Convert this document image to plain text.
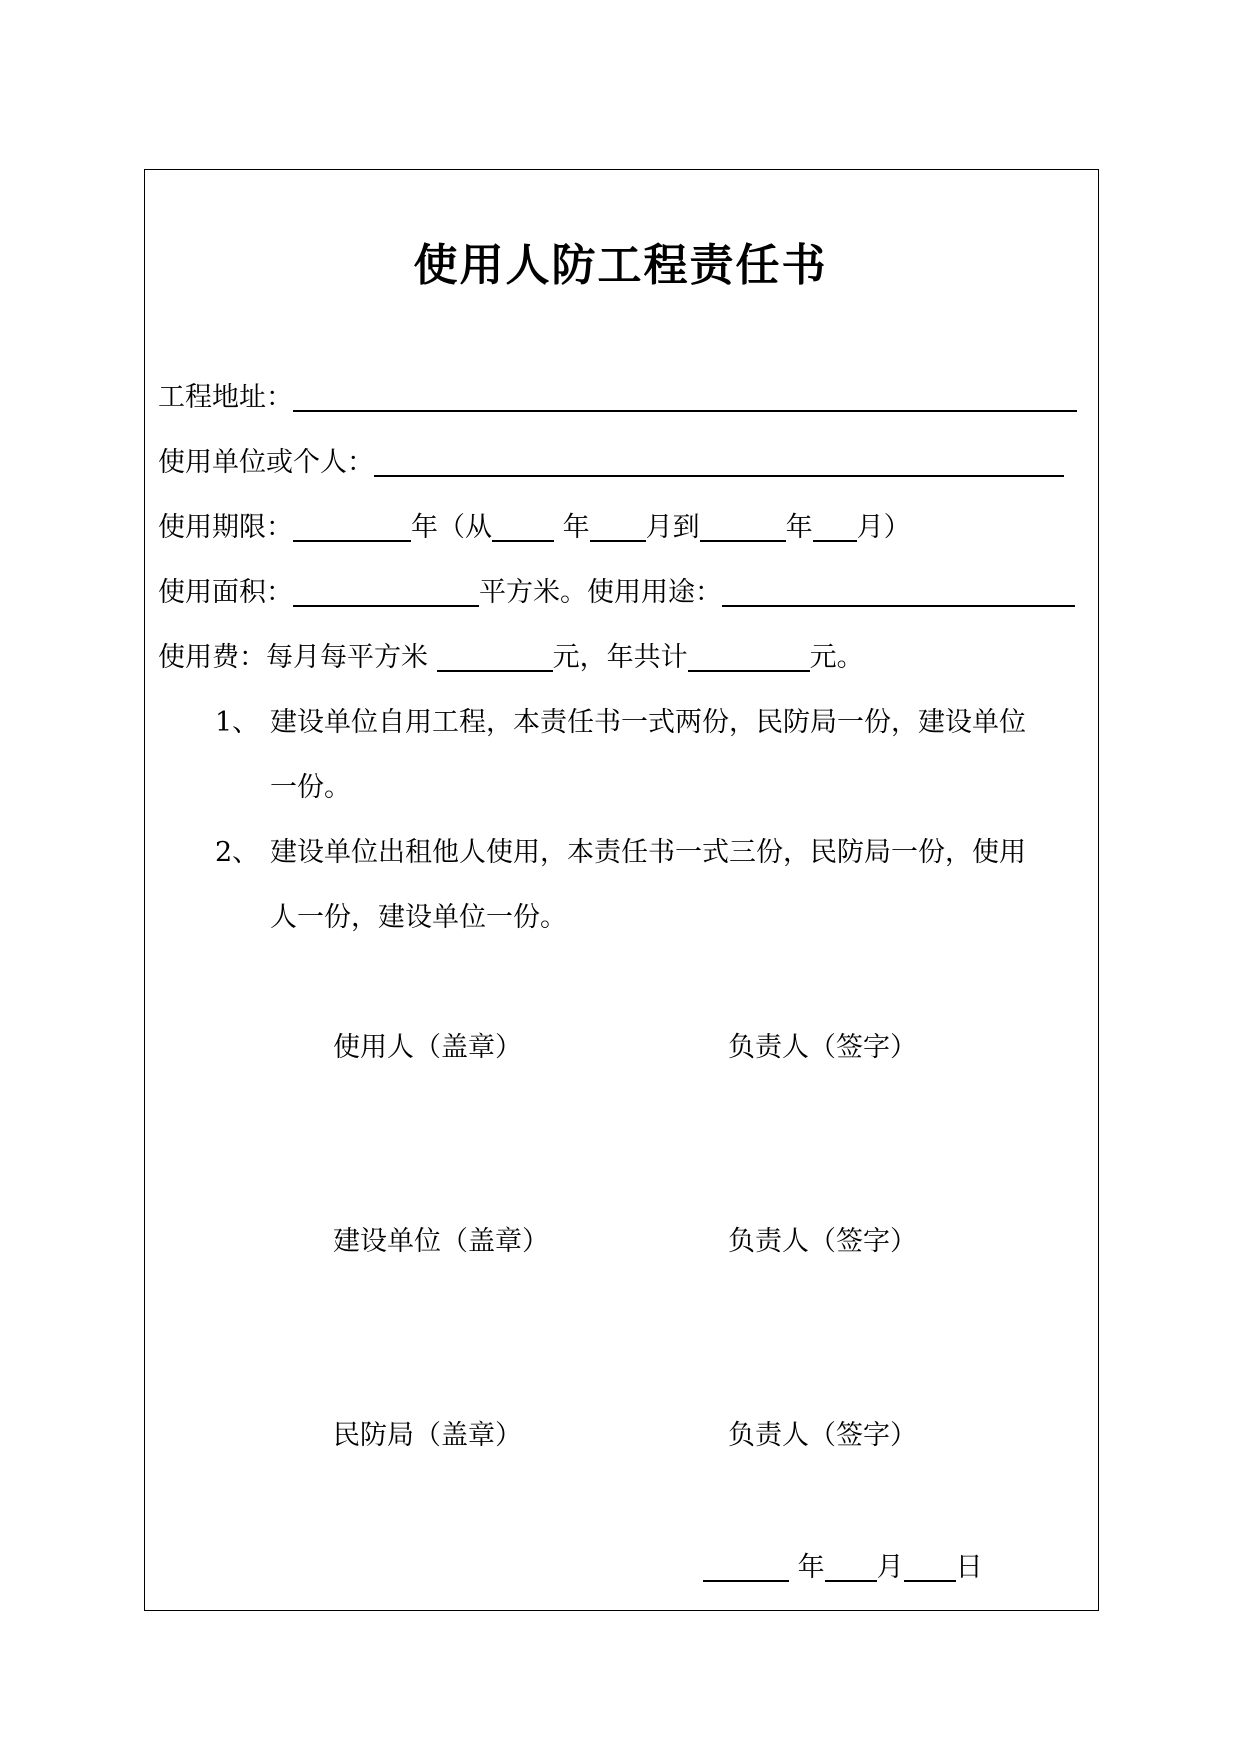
使用人防工程责任书
工程地址：
使用单位或个人：
使用期限：	年（从	年 月到	年 月）
使用面积：	平方米。使用用途：
使用费：每月每平方米	元，年共计	元。
1、 建设单位自用工程，本责任书一式两份，民防局一份，建设单位
一份。
2、 建设单位出租他人使用，本责任书一式三份，民防局一份，使用
人一份，建设单位一份。
使用人（盖章）	负责人（签字）
建设单位（盖章）	负责人（签字）
民防局（盖章）	负责人（签字）
年 月 日
